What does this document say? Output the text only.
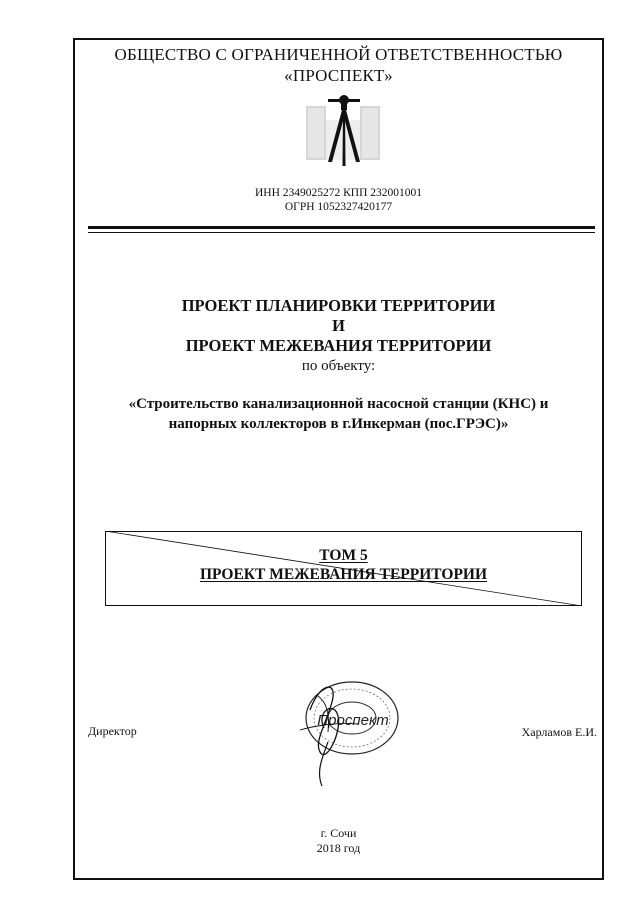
ОБЩЕСТВО С ОГРАНИЧЕННОЙ ОТВЕТСТВЕННОСТЬЮ
«ПРОСПЕКТ»
ИНН 2349025272 КПП 232001001
ОГРН 1052327420177
ПРОЕКТ ПЛАНИРОВКИ ТЕРРИТОРИИ
И
ПРОЕКТ МЕЖЕВАНИЯ ТЕРРИТОРИИ
по объекту:
«Строительство канализационной насосной станции (КНС) и
напорных коллекторов в г.Инкерман (пос.ГРЭС)»
ТОМ 5
ПРОЕКТ МЕЖЕВАНИЯ ТЕРРИТОРИИ
Проспект
Директор	Харламов Е.И.
г. Сочи
2018 год
